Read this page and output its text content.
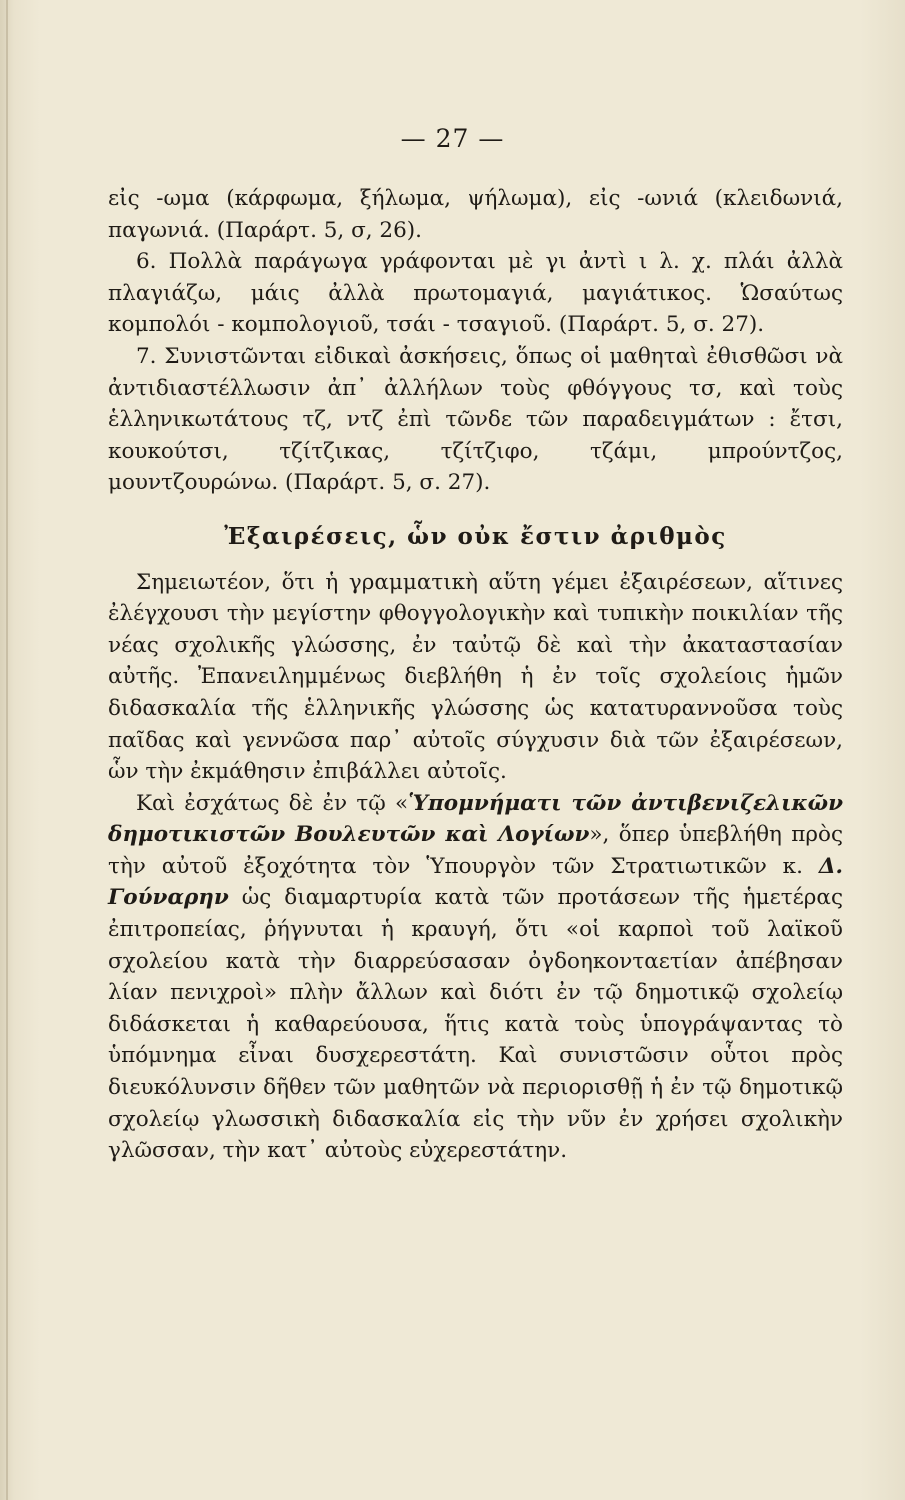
— 27 —

εἰς -ωμα (κάρφωμα, ξήλωμα, ψήλωμα), εἰς -ωνιά (κλειδωνιά, παγωνιά. (Παράρτ. 5, σ, 26).

6. Πολλὰ παράγωγα γράφονται μὲ γι ἀντὶ ι λ. χ. πλάι ἀλλὰ πλαγιάζω, μάις ἀλλὰ πρωτομαγιά, μαγιάτικος. Ὡσαύτως κομπολόι - κομπολογιοῦ, τσάι - τσαγιοῦ. (Παράρτ. 5, σ. 27).

7. Συνιστῶνται εἰδικαὶ ἀσκήσεις, ὅπως οἱ μαθηταὶ ἐθισθῶσι νὰ ἀντιδιαστέλλωσιν ἀπ᾿ ἀλλήλων τοὺς φθόγγους τσ, καὶ τοὺς ἑλληνικωτάτους τζ, ντζ ἐπὶ τῶνδε τῶν παραδειγμάτων : ἔτσι, κουκούτσι, τζίτζικας, τζίτζιφο, τζάμι, μπρούντζος, μουντζουρώνω. (Παράρτ. 5, σ. 27).

Ἐξαιρέσεις, ὧν οὐκ ἔστιν ἀριθμὸς

Σημειωτέον, ὅτι ἡ γραμματικὴ αὕτη γέμει ἐξαιρέσεων, αἵτινες ἐλέγχουσι τὴν μεγίστην φθογγολογικὴν καὶ τυπικὴν ποικιλίαν τῆς νέας σχολικῆς γλώσσης, ἐν ταὐτῷ δὲ καὶ τὴν ἀκαταστασίαν αὐτῆς. Ἐπανειλημμένως διεβλήθη ἡ ἐν τοῖς σχολείοις ἡμῶν διδασκαλία τῆς ἑλληνικῆς γλώσσης ὡς κατατυραννοῦσα τοὺς παῖδας καὶ γεννῶσα παρ᾿ αὐτοῖς σύγχυσιν διὰ τῶν ἐξαιρέσεων, ὧν τὴν ἐκμάθησιν ἐπιβάλλει αὐτοῖς.

Καὶ ἐσχάτως δὲ ἐν τῷ «Ὑπομνήματι τῶν ἀντιβενιζελικῶν δημοτικιστῶν Βουλευτῶν καὶ Λογίων», ὅπερ ὑπεβλήθη πρὸς τὴν αὐτοῦ ἐξοχότητα τὸν Ὑπουργὸν τῶν Στρατιωτικῶν κ. Δ. Γούναρην ὡς διαμαρτυρία κατὰ τῶν προτάσεων τῆς ἡμετέρας ἐπιτροπείας, ῥήγνυται ἡ κραυγή, ὅτι «οἱ καρποὶ τοῦ λαϊκοῦ σχολείου κατὰ τὴν διαρρεύσασαν ὀγδοηκονταετίαν ἀπέβησαν λίαν πενιχροὶ» πλὴν ἄλλων καὶ διότι ἐν τῷ δημοτικῷ σχολείῳ διδάσκεται ἡ καθαρεύουσα, ἥτις κατὰ τοὺς ὑπογράψαντας τὸ ὑπόμνημα εἶναι δυσχερεστάτη. Καὶ συνιστῶσιν οὗτοι πρὸς διευκόλυνσιν δῆθεν τῶν μαθητῶν νὰ περιορισθῇ ἡ ἐν τῷ δημοτικῷ σχολείῳ γλωσσικὴ διδασκαλία εἰς τὴν νῦν ἐν χρήσει σχολικὴν γλῶσσαν, τὴν κατ᾿ αὐτοὺς εὐχερεστάτην.
